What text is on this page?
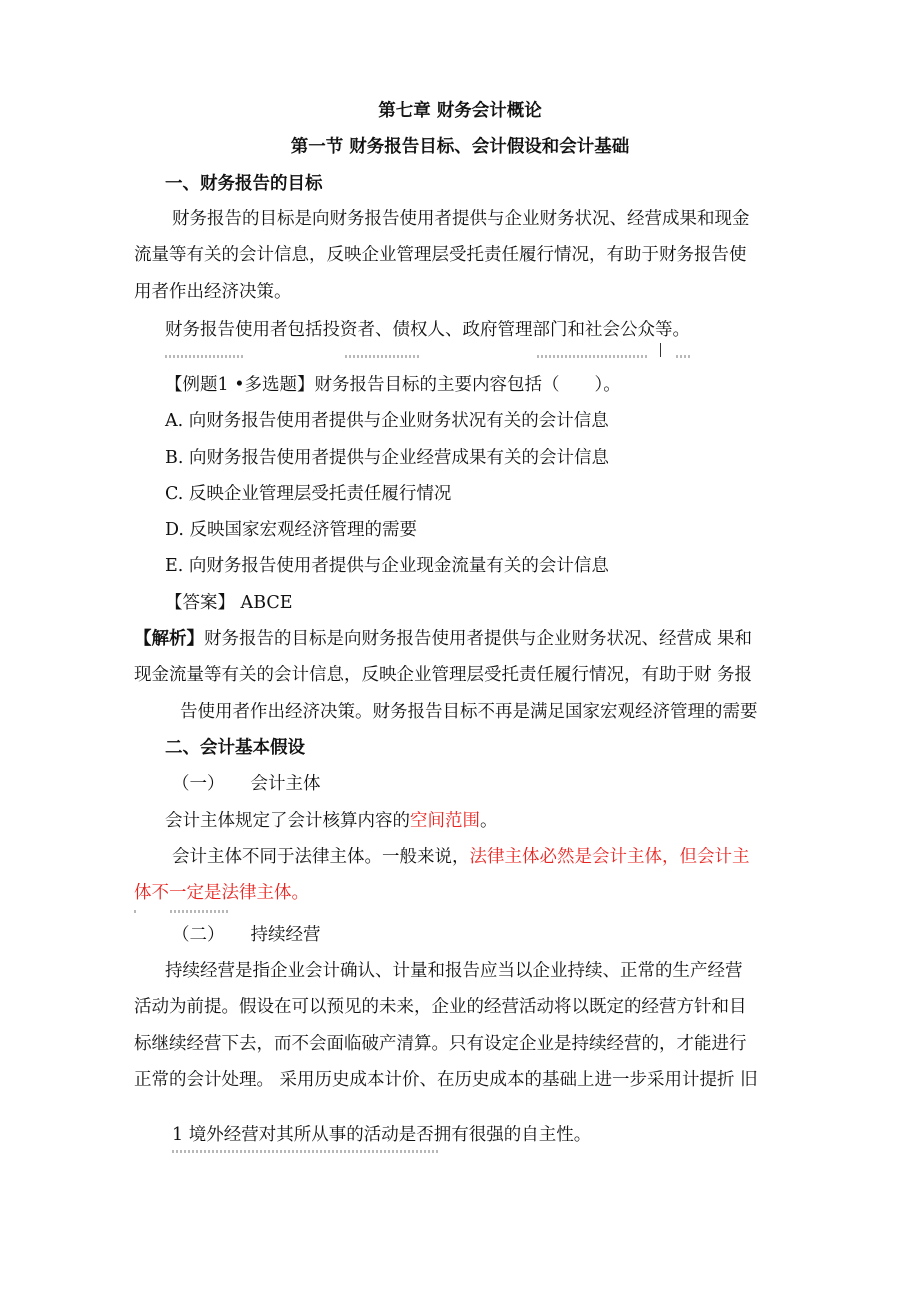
第七章 财务会计概论
第一节 财务报告目标、会计假设和会计基础
一、财务报告的目标
财务报告的目标是向财务报告使用者提供与企业财务状况、经营成果和现金
流量等有关的会计信息，反映企业管理层受托责任履行情况，有助于财务报告使
用者作出经济决策。
财务报告使用者包括投资者、债权人、政府管理部门和社会公众等。
【例题1 •多选题】财务报告目标的主要内容包括（　　）。
A. 向财务报告使用者提供与企业财务状况有关的会计信息
B. 向财务报告使用者提供与企业经营成果有关的会计信息
C. 反映企业管理层受托责任履行情况
D. 反映国家宏观经济管理的需要
E. 向财务报告使用者提供与企业现金流量有关的会计信息
【答案】 ABCE
【解析】财务报告的目标是向财务报告使用者提供与企业财务状况、经营成 果和
现金流量等有关的会计信息，反映企业管理层受托责任履行情况，有助于财 务报
告使用者作出经济决策。财务报告目标不再是满足国家宏观经济管理的需要
二、会计基本假设
（一） 会计主体
会计主体规定了会计核算内容的空间范围。
会计主体不同于法律主体。一般来说，法律主体必然是会计主体，但会计主
体不一定是法律主体。
（二） 持续经营
持续经营是指企业会计确认、计量和报告应当以企业持续、正常的生产经营
活动为前提。假设在可以预见的未来，企业的经营活动将以既定的经营方针和目
标继续经营下去，而不会面临破产清算。只有设定企业是持续经营的，才能进行
正常的会计处理。 采用历史成本计价、在历史成本的基础上进一步采用计提折 旧
1 境外经营对其所从事的活动是否拥有很强的自主性。
